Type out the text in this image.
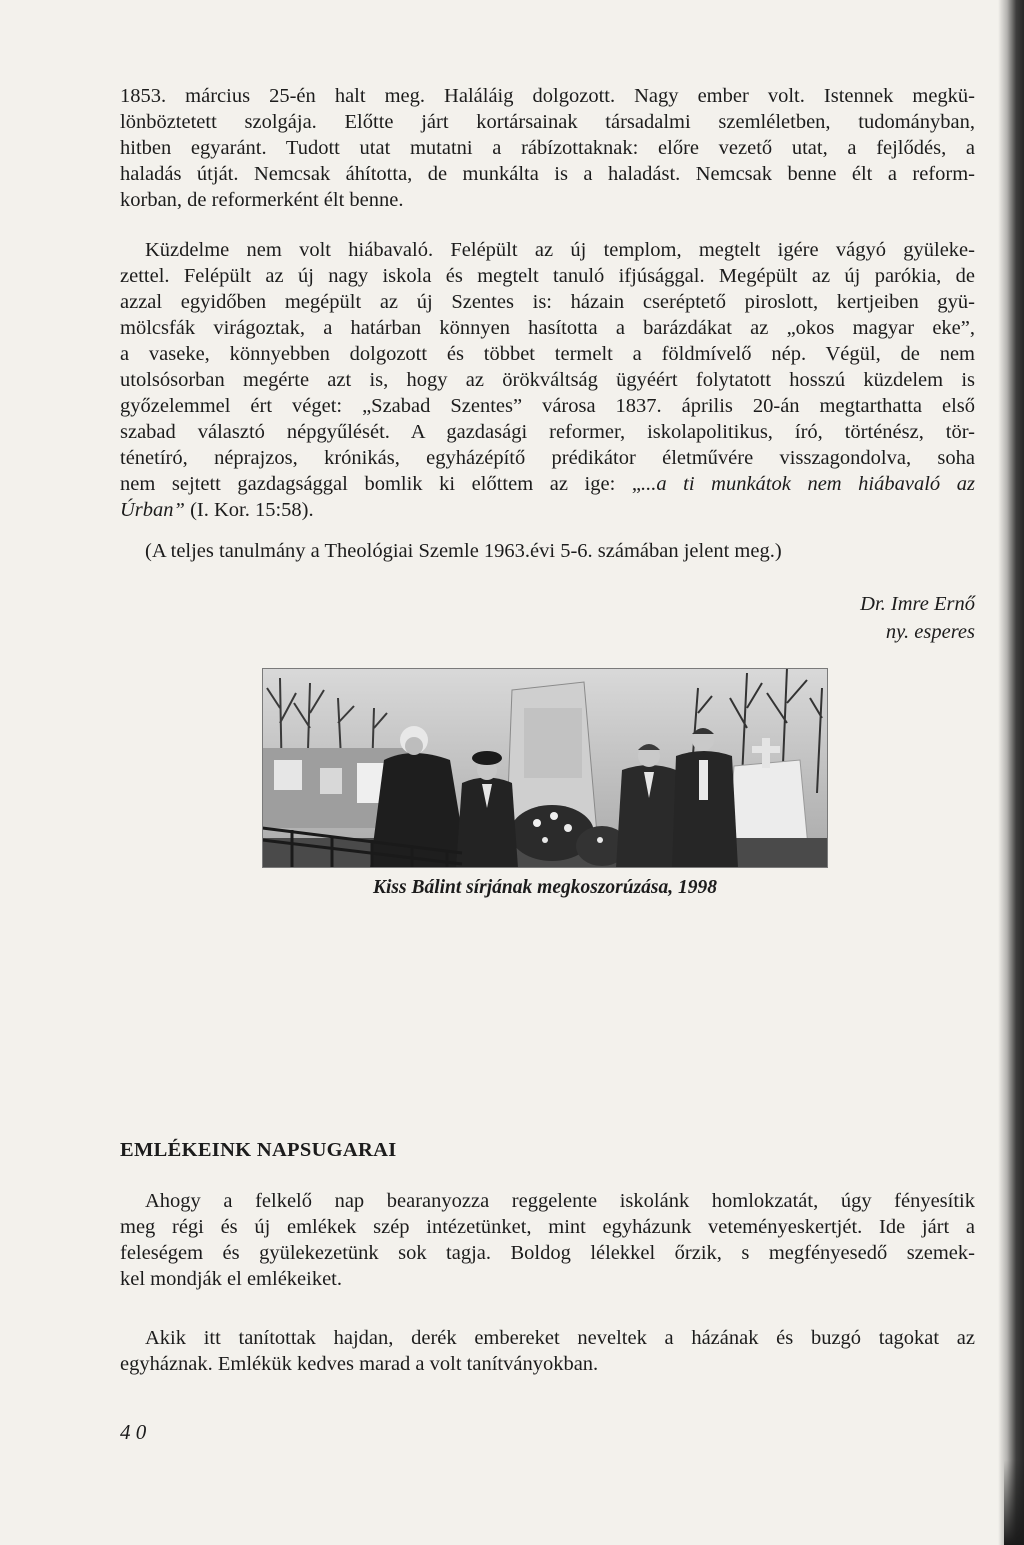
1853. március 25-én halt meg. Haláláig dolgozott. Nagy ember volt. Istennek megkü-
lönböztetett szolgája. Előtte járt kortársainak társadalmi szemléletben, tudományban,
hitben egyaránt. Tudott utat mutatni a rábízottaknak: előre vezető utat, a fejlődés, a
haladás útját. Nemcsak áhította, de munkálta is a haladást. Nemcsak benne élt a reform-
korban, de reformerként élt benne.
Küzdelme nem volt hiábavaló. Felépült az új templom, megtelt igére vágyó gyüleke-
zettel. Felépült az új nagy iskola és megtelt tanuló ifjúsággal. Megépült az új parókia, de
azzal egyidőben megépült az új Szentes is: házain cseréptető piroslott, kertjeiben gyü-
mölcsfák virágoztak, a határban könnyen hasította a barázdákat az „okos magyar eke”,
a vaseke, könnyebben dolgozott és többet termelt a földmívelő nép. Végül, de nem
utolsósorban megérte azt is, hogy az örökváltság ügyéért folytatott hosszú küzdelem is
győzelemmel ért véget: „Szabad Szentes” városa 1837. április 20-án megtarthatta első
szabad választó népgyűlését. A gazdasági reformer, iskolapolitikus, író, történész, tör-
ténetíró, néprajzos, krónikás, egyházépítő prédikátor életművére visszagondolva, soha
nem sejtett gazdagsággal bomlik ki előttem az ige: „...a ti munkátok nem hiábavaló az
Úrban” (I. Kor. 15:58).
(A teljes tanulmány a Theológiai Szemle 1963.évi 5-6. számában jelent meg.)
Dr. Imre Ernő
ny. esperes
Kiss Bálint sírjának megkoszorúzása, 1998
EMLÉKEINK NAPSUGARAI
Ahogy a felkelő nap bearanyozza reggelente iskolánk homlokzatát, úgy fényesítik
meg régi és új emlékek szép intézetünket, mint egyházunk veteményeskertjét. Ide járt a
feleségem és gyülekezetünk sok tagja. Boldog lélekkel őrzik, s megfényesedő szemek-
kel mondják el emlékeiket.
Akik itt tanítottak hajdan, derék embereket neveltek a házának és buzgó tagokat az
egyháznak. Emlékük kedves marad a volt tanítványokban.
4 0
